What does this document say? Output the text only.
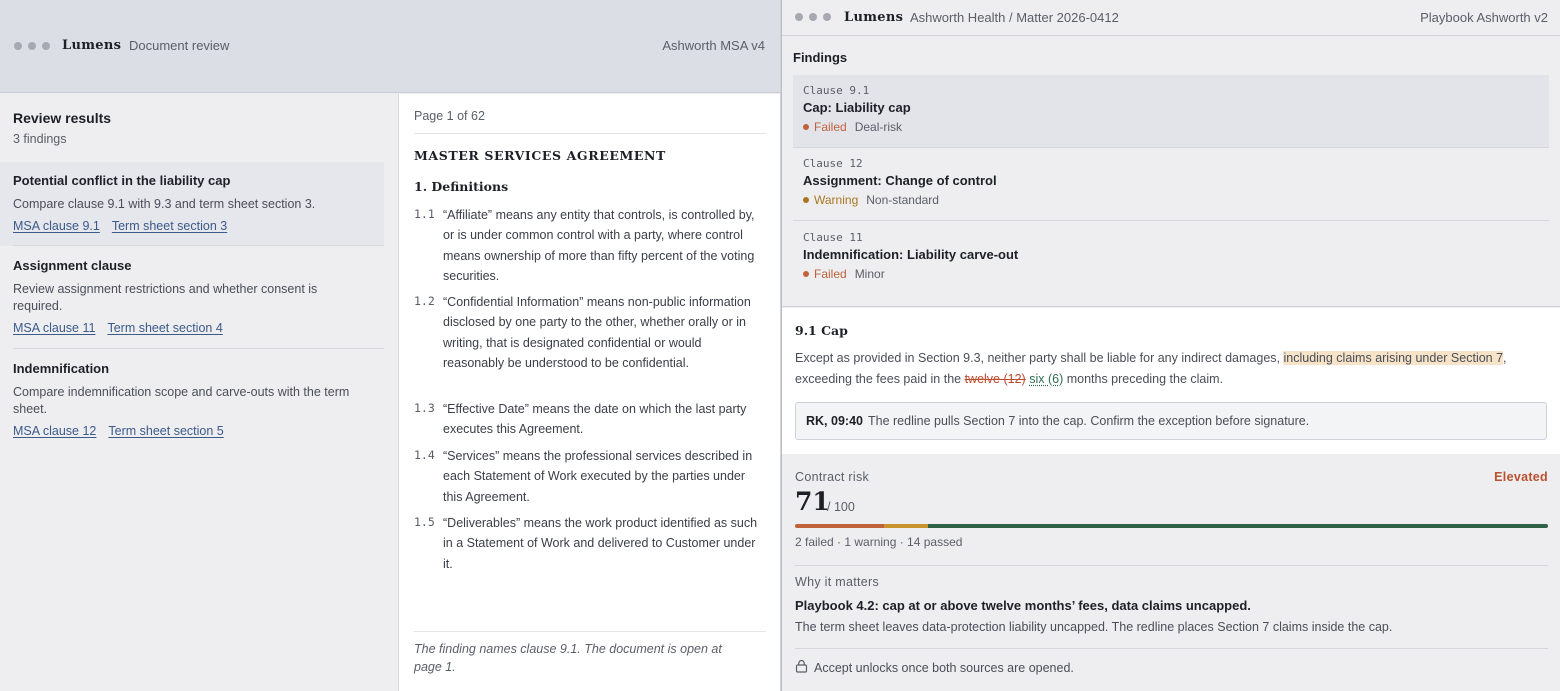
Lumens Document review	Ashworth MSA v4
Review results
3 findings
Potential conflict in the liability cap
Compare clause 9.1 with 9.3 and term sheet section 3.
MSA clause 9.1 Term sheet section 3
Assignment clause
Review assignment restrictions and whether consent is required.
MSA clause 11 Term sheet section 4
Indemnification
Compare indemnification scope and carve-outs with the term sheet.
MSA clause 12 Term sheet section 5
Page 1 of 62
MASTER SERVICES AGREEMENT
1. Definitions
1.1 “Affiliate” means any entity that controls, is controlled by, or is under common control with a party, where control means ownership of more than fifty percent of the voting securities.
1.2 “Confidential Information” means non-public information disclosed by one party to the other, whether orally or in writing, that is designated confidential or would reasonably be understood to be confidential.
1.3 “Effective Date” means the date on which the last party executes this Agreement.
1.4 “Services” means the professional services described in each Statement of Work executed by the parties under this Agreement.
1.5 “Deliverables” means the work product identified as such in a Statement of Work and delivered to Customer under it.
The finding names clause 9.1. The document is open at page 1.
Lumens Ashworth Health / Matter 2026-0412	Playbook Ashworth v2
Findings
Clause 9.1
Cap: Liability cap
Failed Deal-risk
Clause 12
Assignment: Change of control
Warning Non-standard
Clause 11
Indemnification: Liability carve-out
Failed Minor
9.1 Cap
Except as provided in Section 9.3, neither party shall be liable for any indirect damages, including claims arising under Section 7, exceeding the fees paid in the twelve (12) six (6) months preceding the claim.
RK, 09:40 The redline pulls Section 7 into the cap. Confirm the exception before signature.
Contract risk	Elevated
71
/ 100
2 failed · 1 warning · 14 passed
Why it matters
Playbook 4.2: cap at or above twelve months’ fees, data claims uncapped.
The term sheet leaves data-protection liability uncapped. The redline places Section 7 claims inside the cap.
Accept unlocks once both sources are opened.
